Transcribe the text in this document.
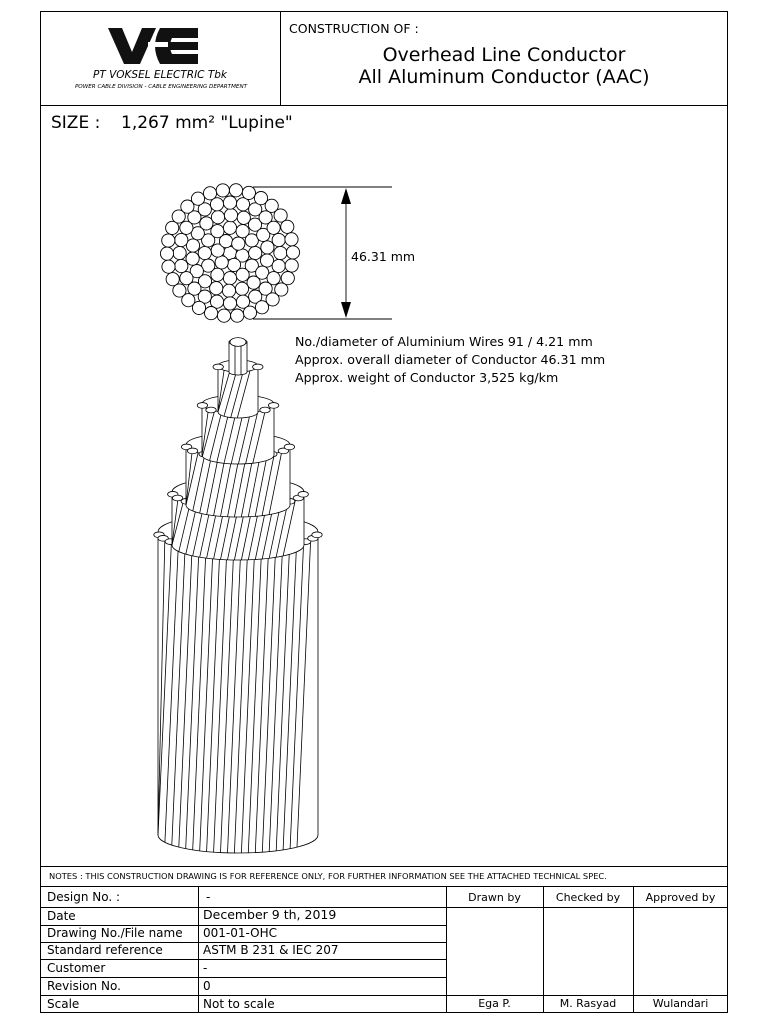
PT VOKSEL ELECTRIC Tbk
POWER CABLE DIVISION - CABLE ENGINEERING DEPARTMENT
CONSTRUCTION OF :
Overhead Line Conductor
All Aluminum Conductor (AAC)
SIZE : 1,267 mm² "Lupine"
46.31 mm
No./diameter of Aluminium Wires 91 / 4.21 mm
Approx. overall diameter of Conductor 46.31 mm
Approx. weight of Conductor 3,525 kg/km
NOTES : THIS CONSTRUCTION DRAWING IS FOR REFERENCE ONLY, FOR FURTHER INFORMATION SEE THE ATTACHED TECHNICAL SPEC.
Design No. :	-
Date	December 9 th, 2019
Drawing No./File name 001-01-OHC
Standard reference	ASTM B 231 & IEC 207
Customer	-
Revision No.	0
Scale	Not to scale
Drawn by	Checked by	Approved by
Ega P.	M. Rasyad	Wulandari
